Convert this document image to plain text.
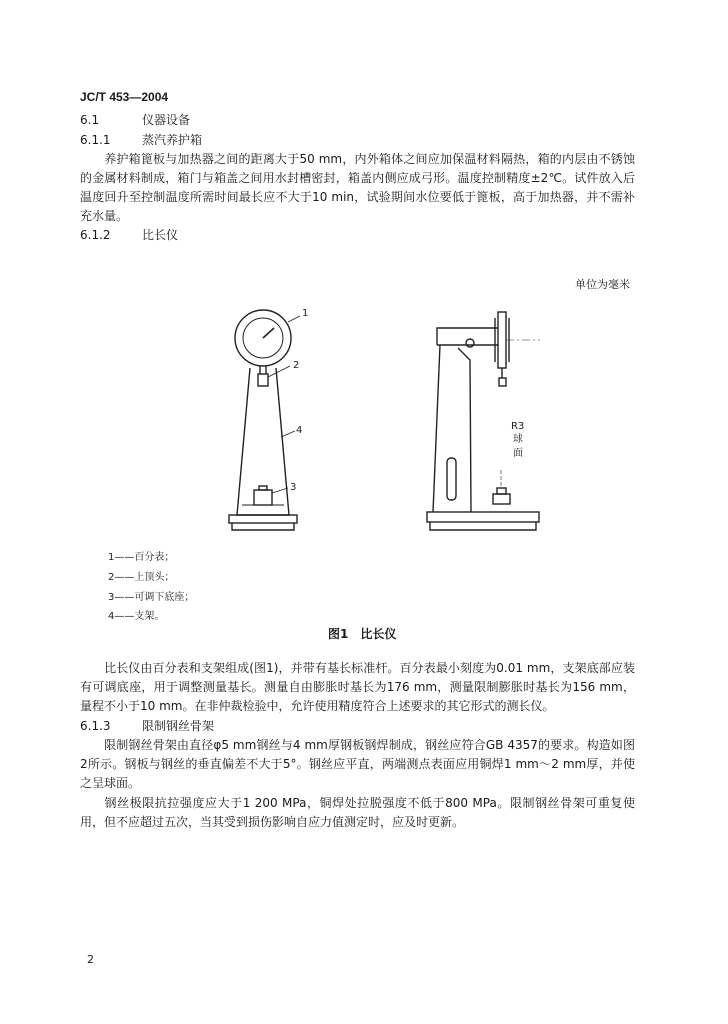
JC/T 453—2004
6.1	仪器设备
6.1.1	蒸汽养护箱
养护箱篦板与加热器之间的距离大于50 mm，内外箱体之间应加保温材料隔热，箱的内层由不锈蚀的金属材料制成，箱门与箱盖之间用水封槽密封，箱盖内侧应成弓形。温度控制精度±2℃。试件放入后温度回升至控制温度所需时间最长应不大于10 min，试验期间水位要低于篦板，高于加热器，并不需补充水量。
6.1.2	比长仪
单位为毫米
1
2
4
3
R3
球
面
1——百分表；
2——上顶头；
3——可调下底座；
4——支架。
图1　比长仪
比长仪由百分表和支架组成(图1)，并带有基长标准杆。百分表最小刻度为0.01 mm，支架底部应装有可调底座，用于调整测量基长。测量自由膨胀时基长为176 mm，测量限制膨胀时基长为156 mm，量程不小于10 mm。在非仲裁检验中，允许使用精度符合上述要求的其它形式的测长仪。
6.1.3	限制钢丝骨架
限制钢丝骨架由直径φ5 mm钢丝与4 mm厚钢板钢焊制成，钢丝应符合GB 4357的要求。构造如图2所示。钢板与钢丝的垂直偏差不大于5°。钢丝应平直，两端测点表面应用铜焊1 mm～2 mm厚，并使之呈球面。
钢丝极限抗拉强度应大于1 200 MPa，铜焊处拉脱强度不低于800 MPa。限制钢丝骨架可重复使用，但不应超过五次，当其受到损伤影响自应力值测定时，应及时更新。
2
